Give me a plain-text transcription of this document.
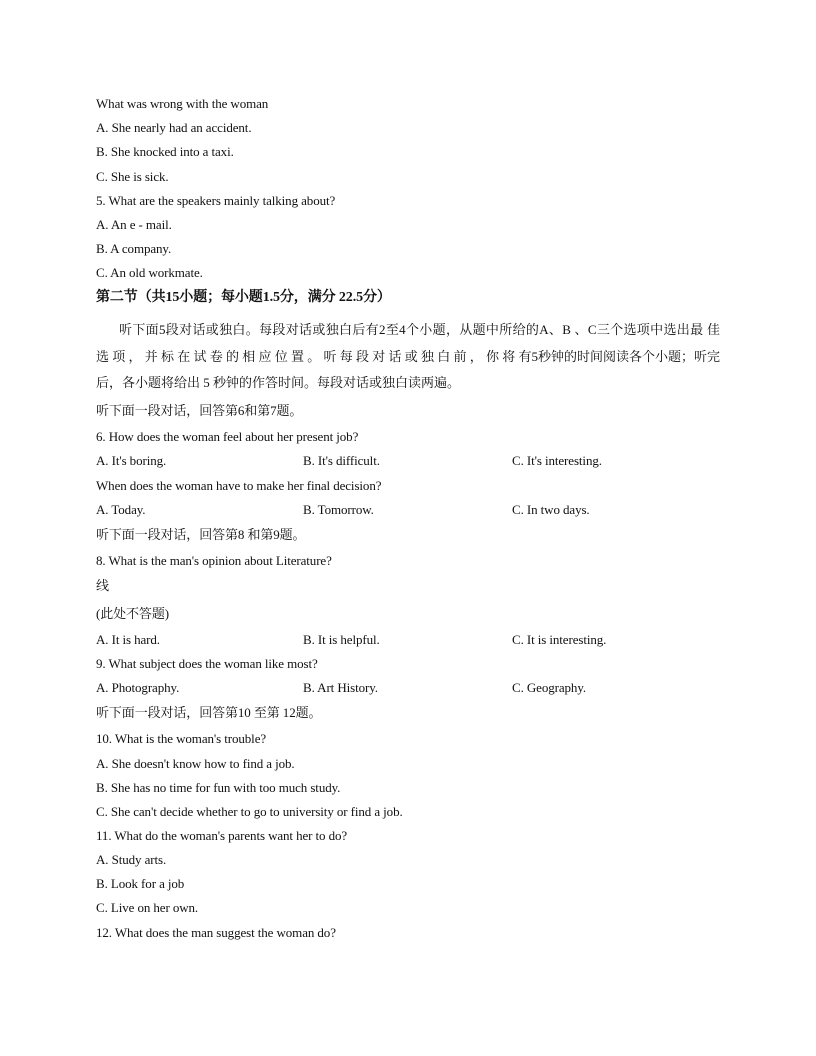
What was wrong with the woman
A. She nearly had an accident.
B. She knocked into a taxi.
C. She is sick.
5. What are the speakers mainly talking about?
A. An e - mail.
B. A company.
C. An old workmate.
第二节（共15小题；每小题1.5分，满分 22.5分）
听下面5段对话或独白。每段对话或独白后有2至4个小题，从题中所给的A、B 、C三个选项中选出最 佳 选 项 ， 并 标 在 试 卷 的 相 应 位 置 。 听 每 段 对 话 或 独 白 前 ， 你 将 有5秒钟的时间阅读各个小题；听完后，各小题将给出 5 秒钟的作答时间。每段对话或独白读两遍。
听下面一段对话，回答第6和第7题。
6. How does the woman feel about her present job?
A. It's boring.	B. It's difficult.	C. It's interesting.
When does the woman have to make her final decision?
A. Today.	B. Tomorrow.	C. In two days.
听下面一段对话，回答第8 和第9题。
8. What is the man's opinion about Literature?
线
(此处不答题)
A. It is hard.	B. It is helpful.	C. It is interesting.
9. What subject does the woman like most?
A. Photography.	B. Art History.	C. Geography.
听下面一段对话，回答第10 至第 12题。
10. What is the woman's trouble?
A. She doesn't know how to find a job.
B. She has no time for fun with too much study.
C. She can't decide whether to go to university or find a job.
11. What do the woman's parents want her to do?
A. Study arts.
B. Look for a job
C. Live on her own.
12. What does the man suggest the woman do?
